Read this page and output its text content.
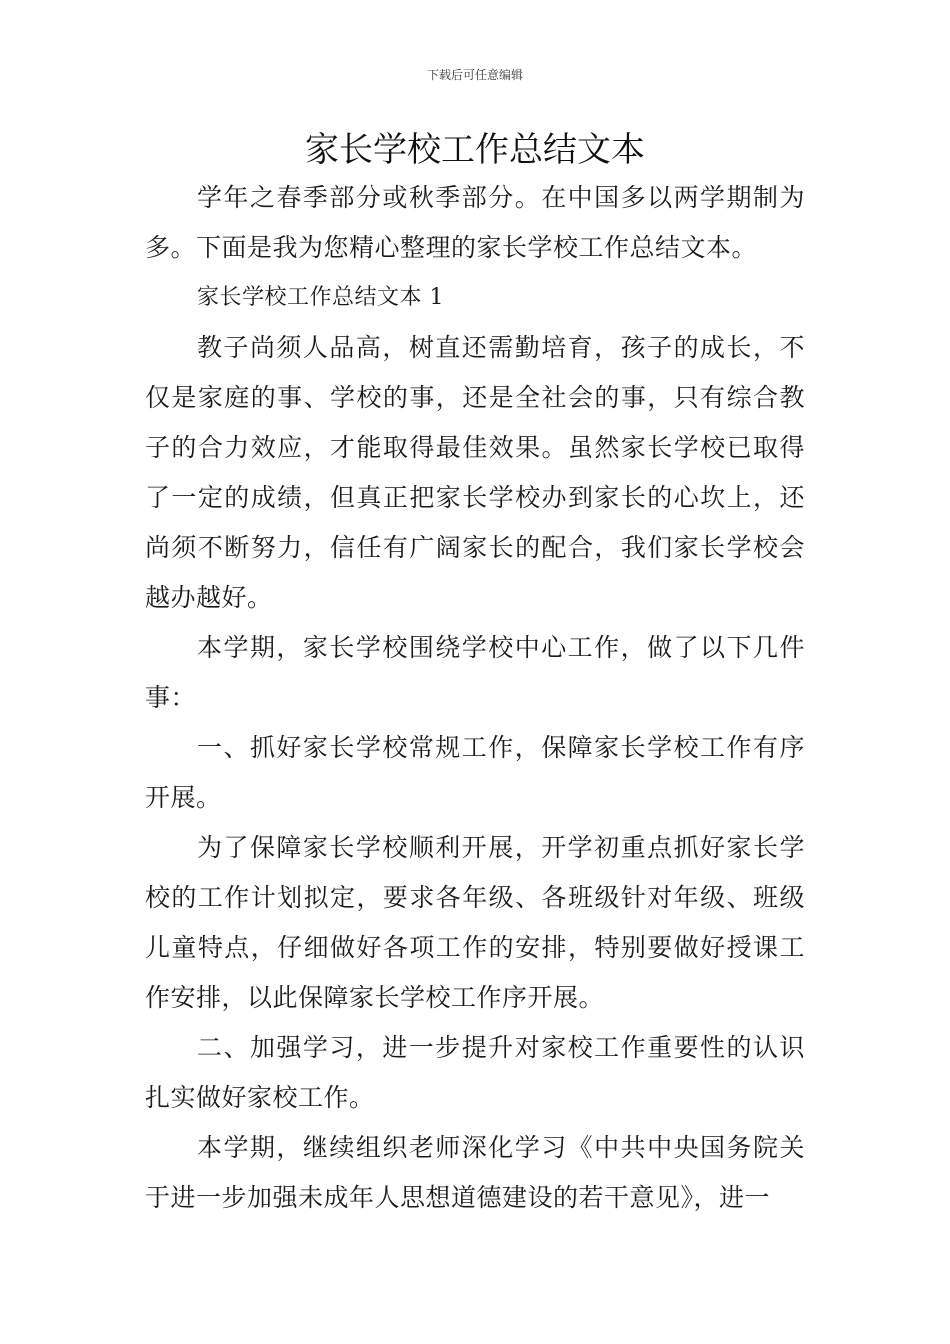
下载后可任意编辑
家长学校工作总结文本

学年之春季部分或秋季部分。在中国多以两学期制为多。下面是我为您精心整理的家长学校工作总结文本。

家长学校工作总结文本 1

教子尚须人品高，树直还需勤培育，孩子的成长，不仅是家庭的事、学校的事，还是全社会的事，只有综合教子的合力效应，才能取得最佳效果。虽然家长学校已取得了一定的成绩，但真正把家长学校办到家长的心坎上，还尚须不断努力，信任有广阔家长的配合，我们家长学校会越办越好。

本学期，家长学校围绕学校中心工作，做了以下几件事：

一、抓好家长学校常规工作，保障家长学校工作有序开展。

为了保障家长学校顺利开展，开学初重点抓好家长学校的工作计划拟定，要求各年级、各班级针对年级、班级儿童特点，仔细做好各项工作的安排，特别要做好授课工作安排，以此保障家长学校工作序开展。

二、加强学习，进一步提升对家校工作重要性的认识扎实做好家校工作。

本学期，继续组织老师深化学习《中共中央国务院关于进一步加强未成年人思想道德建设的若干意见》，进一
